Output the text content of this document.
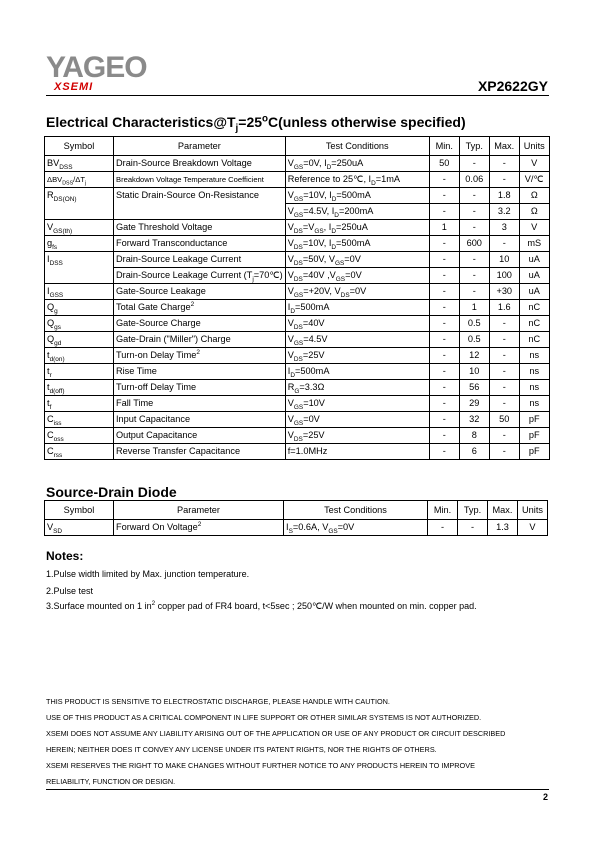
YAGEO
XSEMI	XP2622GY
Electrical $Characteristics@T_j=25^oC(unless$ otherwise specified)
Symbol	Parameter	Test Conditions	Min.	Typ.	Max.	Units
$BV_{DSS}$	Drain-Source Breakdown Voltage	$V_{GS}=0V$, $I_D=250uA$	50	-	-	V
$\Delta BV_{DSS}/\Delta T_j$	Breakdown Voltage Temperature Coefficient	Reference to 25℃, $I_D=1mA$	-	0.06	-	V/℃
$R_{DS(ON)}$	Static Drain-Source On-Resistance	$V_{GS}=10V$, $I_D=500mA$	-	-	1.8	Ω
		$V_{GS}=4.5V$, $I_D=200mA$	-	-	3.2	Ω
$V_{GS(th)}$	Gate Threshold Voltage	$V_{DS}=V_{GS}$, $I_D=250uA$	1	-	3	V
$g_{fs}$	Forward Transconductance	$V_{DS}=10V$, $I_D=500mA$	-	600	-	mS
$I_{DSS}$	Drain-Source Leakage Current	$V_{DS}=50V$, $V_{GS}=0V$	-	-	10	uA
	Drain-Source Leakage Current $(T_j=70℃)$	$V_{DS}=40V$ $,V_{GS}=0V$	-	-	100	uA
$I_{GSS}$	Gate-Source Leakage	$V_{GS}=+20V$, $V_{DS}=0V$	-	-	+30	uA
$Q_g$	Total Gate Charge$^2$	$I_D=500mA$	-	1	1.6	nC
$Q_{gs}$	Gate-Source Charge	$V_{DS}=40V$	-	0.5	-	nC
$Q_{gd}$	Gate-Drain ("Miller") Charge	$V_{GS}=4.5V$	-	0.5	-	nC
$t_{d(on)}$	Turn-on Delay Time$^2$	$V_{DS}=25V$	-	12	-	ns
$t_r$	Rise Time	$I_D=500mA$	-	10	-	ns
$t_{d(off)}$	Turn-off Delay Time	$R_G=3.3\Omega$	-	56	-	ns
$t_f$	Fall Time	$V_{GS}=10V$	-	29	-	ns
$C_{iss}$	Input Capacitance	$V_{GS}=0V$	-	32	50	pF
$C_{oss}$	Output Capacitance	$V_{DS}=25V$	-	8	-	pF
$C_{rss}$	Reverse Transfer Capacitance	f=1.0MHz	-	6	-	pF
Source-Drain Diode
Symbol	Parameter	Test Conditions	Min.	Typ.	Max.	Units
$V_{SD}$	Forward On Voltage$^2$	$I_S=0.6A$, $V_{GS}=0V$	-	-	1.3	V
Notes:
1.Pulse width limited by Max. junction temperature.
2.Pulse test
3.Surface mounted on 1 $in^2$ copper pad of FR4 board, t<5sec ; 250℃/W when mounted on min. copper pad.
THIS PRODUCT IS SENSITIVE TO ELECTROSTATIC DISCHARGE, PLEASE HANDLE WITH CAUTION.
USE OF THIS PRODUCT AS A CRITICAL COMPONENT IN LIFE SUPPORT OR OTHER SIMILAR SYSTEMS IS NOT AUTHORIZED.
XSEMI DOES NOT ASSUME ANY LIABILITY ARISING OUT OF THE APPLICATION OR USE OF ANY PRODUCT OR CIRCUIT DESCRIBED
HEREIN; NEITHER DOES IT CONVEY ANY LICENSE UNDER ITS PATENT RIGHTS, NOR THE RIGHTS OF OTHERS.
XSEMI RESERVES THE RIGHT TO MAKE CHANGES WITHOUT FURTHER NOTICE TO ANY PRODUCTS HEREIN TO IMPROVE
RELIABILITY, FUNCTION OR DESIGN.
2
